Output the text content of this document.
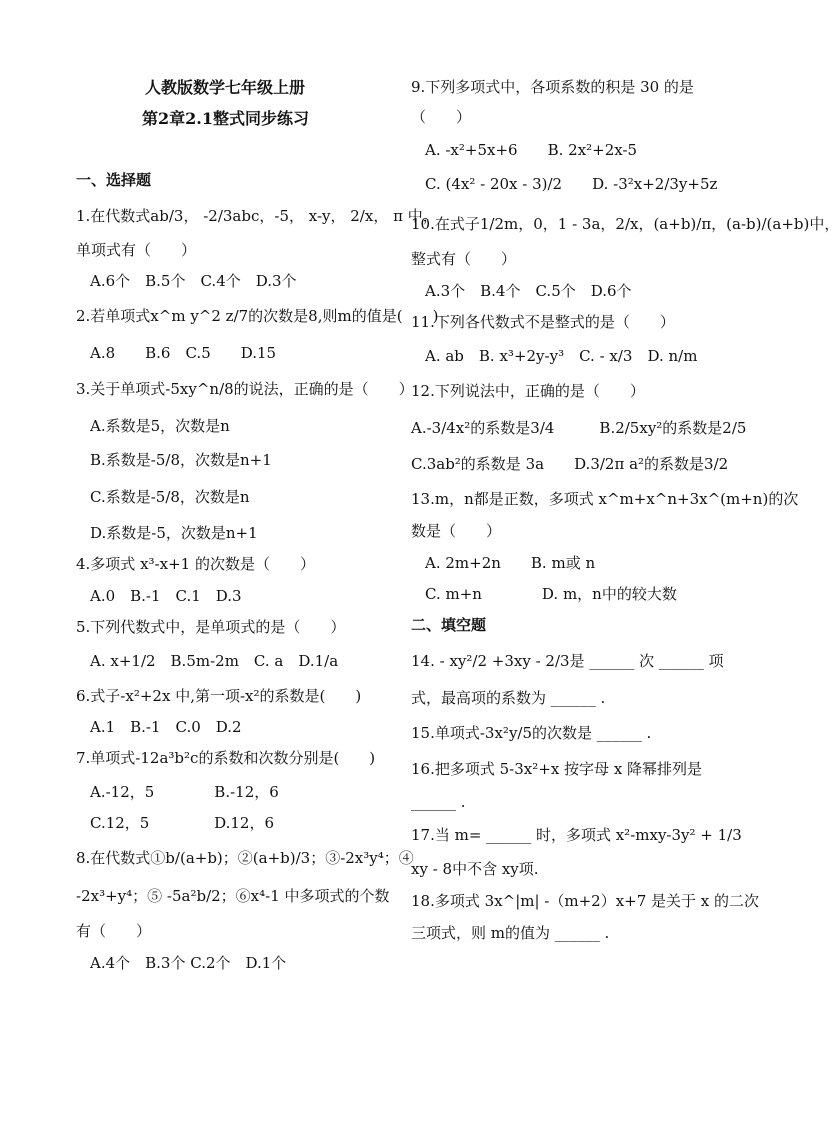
人教版数学七年级上册
第2章2.1整式同步练习
一、选择题
1.在代数式ab/3， -2/3abc，-5， x-y， 2/x， π 中，
单项式有（　　）
A.6个　B.5个　C.4个　D.3个
2.若单项式x^m y^2 z/7的次数是8,则m的值是(　　)
A.8　　B.6　C.5　　D.15
3.关于单项式-5xy^n/8的说法，正确的是（　　）
A.系数是5，次数是n
B.系数是-5/8，次数是n+1
C.系数是-5/8，次数是n
D.系数是-5，次数是n+1
4.多项式 x³-x+1 的次数是（　　）
A.0　B.-1　C.1　D.3
5.下列代数式中，是单项式的是（　　）
A. x+1/2　B.5m-2m　C. a　D.1/a
6.式子-x²+2x 中,第一项-x²的系数是(　　)
A.1　B.-1　C.0　D.2
7.单项式-12a³b²c的系数和次数分别是(　　)
A.-12，5　　　　B.-12，6
C.12，5　　　　 D.12，6
8.在代数式①b/(a+b)；②(a+b)/3；③-2x³y⁴；④
-2x³+y⁴；⑤ -5a²b/2；⑥x⁴-1 中多项式的个数
有（　　）
A.4个　B.3个 C.2个　D.1个
9.下列多项式中，各项系数的积是 30 的是
（　　）
A. -x²+5x+6　　B. 2x²+2x-5
C. (4x² - 20x - 3)/2　　D. -3²x+2/3y+5z
10.在式子1/2m，0，1 - 3a，2/x，(a+b)/π，(a-b)/(a+b)中，
整式有（　　）
A.3个　B.4个　C.5个　D.6个
11.下列各代数式不是整式的是（　　）
A. ab　B. x³+2y-y³　C. - x/3　D. n/m
12.下列说法中，正确的是（　　）
A.-3/4x²的系数是3/4　　　B.2/5xy²的系数是2/5
C.3ab²的系数是 3a　　D.3/2π a²的系数是3/2
13.m，n都是正数，多项式 x^m+x^n+3x^(m+n)的次
数是（　　）
A. 2m+2n　　B. m或 n
C. m+n　　　　D. m，n中的较大数
二、填空题
14. - xy²/2 +3xy - 2/3是 ______ 次 ______ 项
式，最高项的系数为 ______ .
15.单项式-3x²y/5的次数是 ______ .
16.把多项式 5-3x²+x 按字母 x 降幂排列是
______ .
17.当 m= ______ 时，多项式 x²-mxy-3y² + 1/3
xy - 8中不含 xy项.
18.多项式 3x^|m| -（m+2）x+7 是关于 x 的二次
三项式，则 m的值为 ______ .
